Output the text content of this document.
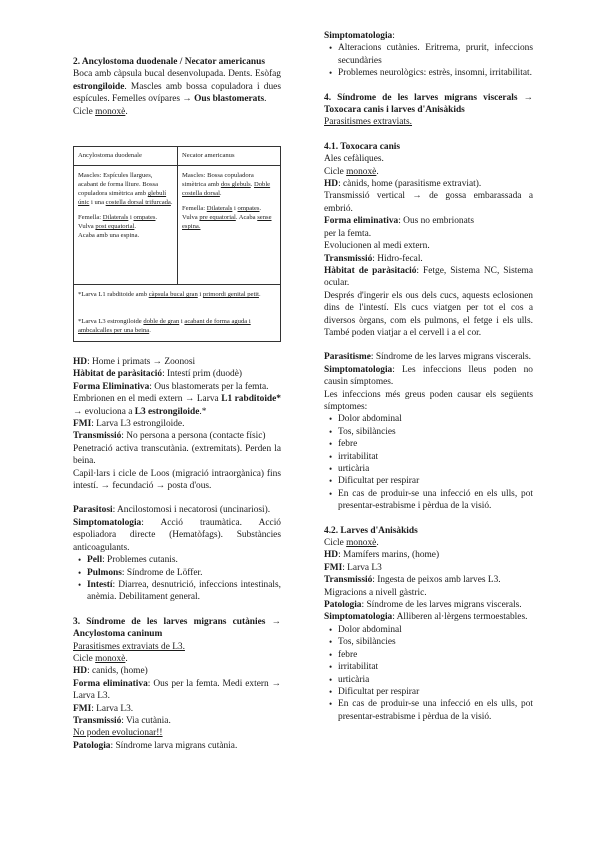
2. Ancylostoma duodenale / Necator americanus

Boca amb càpsula bucal desenvolupada. Dents. Esòfag estrongiloide. Mascles amb bossa copuladora i dues espícules. Femelles ovípares → Ous blastomerats.

Cicle monoxè.

Ancylostoma duodenale	Necator americanus
Mascles: Espícules llargues, acabant de forma lliure. Bossa copuladora simètrica amb glebulí únic i una costella dorsal trifurcada.
Femella: Dilaterals i ompates. Vulva post equatorial.
Acaba amb una espina.
Mascles: Bossa copuladora simètrica amb dos glebuls. Doble costella dorsal.
Femella: Dilaterals i ompates. Vulva pre equatorial. Acaba sense espina.
*Larva L1 rabditoide amb càpsula bucal gran i primordi genital petit.
*Larva L3 estrongiloide doble de gran i acabant de forma aguda i ambcalcalles per una beina.

HD: Home i primats → Zoonosi

Hàbitat de paràsitació: Intestí prim (duodè)

Forma Eliminativa: Ous blastomerats per la femta.

Embrionen en el medi extern → Larva L1 rabditoide* → evoluciona a L3 estrongiloide.*

FMI: Larva L3 estrongiloide.

Transmissió: No persona a persona (contacte físic)

Penetració activa transcutània. (extremitats). Perden la beina.

Capil·lars i cicle de Loos (migració intraorgànica) fins intestí. → fecundació → posta d'ous.

Parasitosi: Ancilostomosi i necatorosi (uncinariosi).

Simptomatologia: Acció traumàtica. Acció espoliadora directe (Hematòfags). Substàncies anticoagulants.

• Pell: Problemes cutanis.
• Pulmons: Síndrome de Löffer.
• Intestí: Diarrea, desnutrició, infeccions intestinals, anèmia. Debilitament general.

3. Síndrome de les larves migrans cutànies → Ancylostoma caninum

Parasitismes extraviats de L3.

Cicle monoxè.

HD: canids, (home)

Forma eliminativa: Ous per la femta. Medi extern → Larva L3.

FMI: Larva L3.

Transmissió: Via cutània.

No poden evolucionar!!

Patologia: Síndrome larva migrans cutània.

Simptomatologia:

• Alteracions cutànies. Eritrema, prurit, infeccions secundàries
• Problemes neurològics: estrès, insomni, irritabilitat.

4. Síndrome de les larves migrans viscerals → Toxocara canis i larves d'Anisàkids

Parasitismes extraviats.

4.1. Toxocara canis

Ales cefàliques.

Cicle monoxè.

HD: cànids, home (parasitisme extraviat).

Transmissió vertical → de gossa embarassada a embrió.

Forma eliminativa: Ous no embrionats

per la femta.

Evolucionen al medi extern.

Transmissió: Hidro-fecal.

Hàbitat de paràsitació: Fetge, Sistema NC, Sistema ocular.

Després d'ingerir els ous dels cucs, aquests eclosionen dins de l'intestí. Els cucs viatgen per tot el cos a diversos òrgans, com els pulmons, el fetge i els ulls. També poden viatjar a el cervell i a el cor.

Parasitisme: Síndrome de les larves migrans viscerals.

Simptomatologia: Les infeccions lleus poden no causin símptomes.

Les infeccions més greus poden causar els següents símptomes:

• Dolor abdominal
• Tos, sibilàncies
• febre
• irritabilitat
• urticària
• Dificultat per respirar
• En cas de produir-se una infecció en els ulls, pot presentar-estrabisme i pèrdua de la visió.

4.2. Larves d'Anisàkids

Cicle monoxè.

HD: Mamífers marins, (home)

FMI: Larva L3

Transmissió: Ingesta de peixos amb larves L3.

Migracions a nivell gàstric.

Patologia: Síndrome de les larves migrans viscerals.

Simptomatologia: Alliberen al·lèrgens termoestables.

• Dolor abdominal
• Tos, sibilàncies
• febre
• irritabilitat
• urticària
• Dificultat per respirar
• En cas de produir-se una infecció en els ulls, pot presentar-estrabisme i pèrdua de la visió.
